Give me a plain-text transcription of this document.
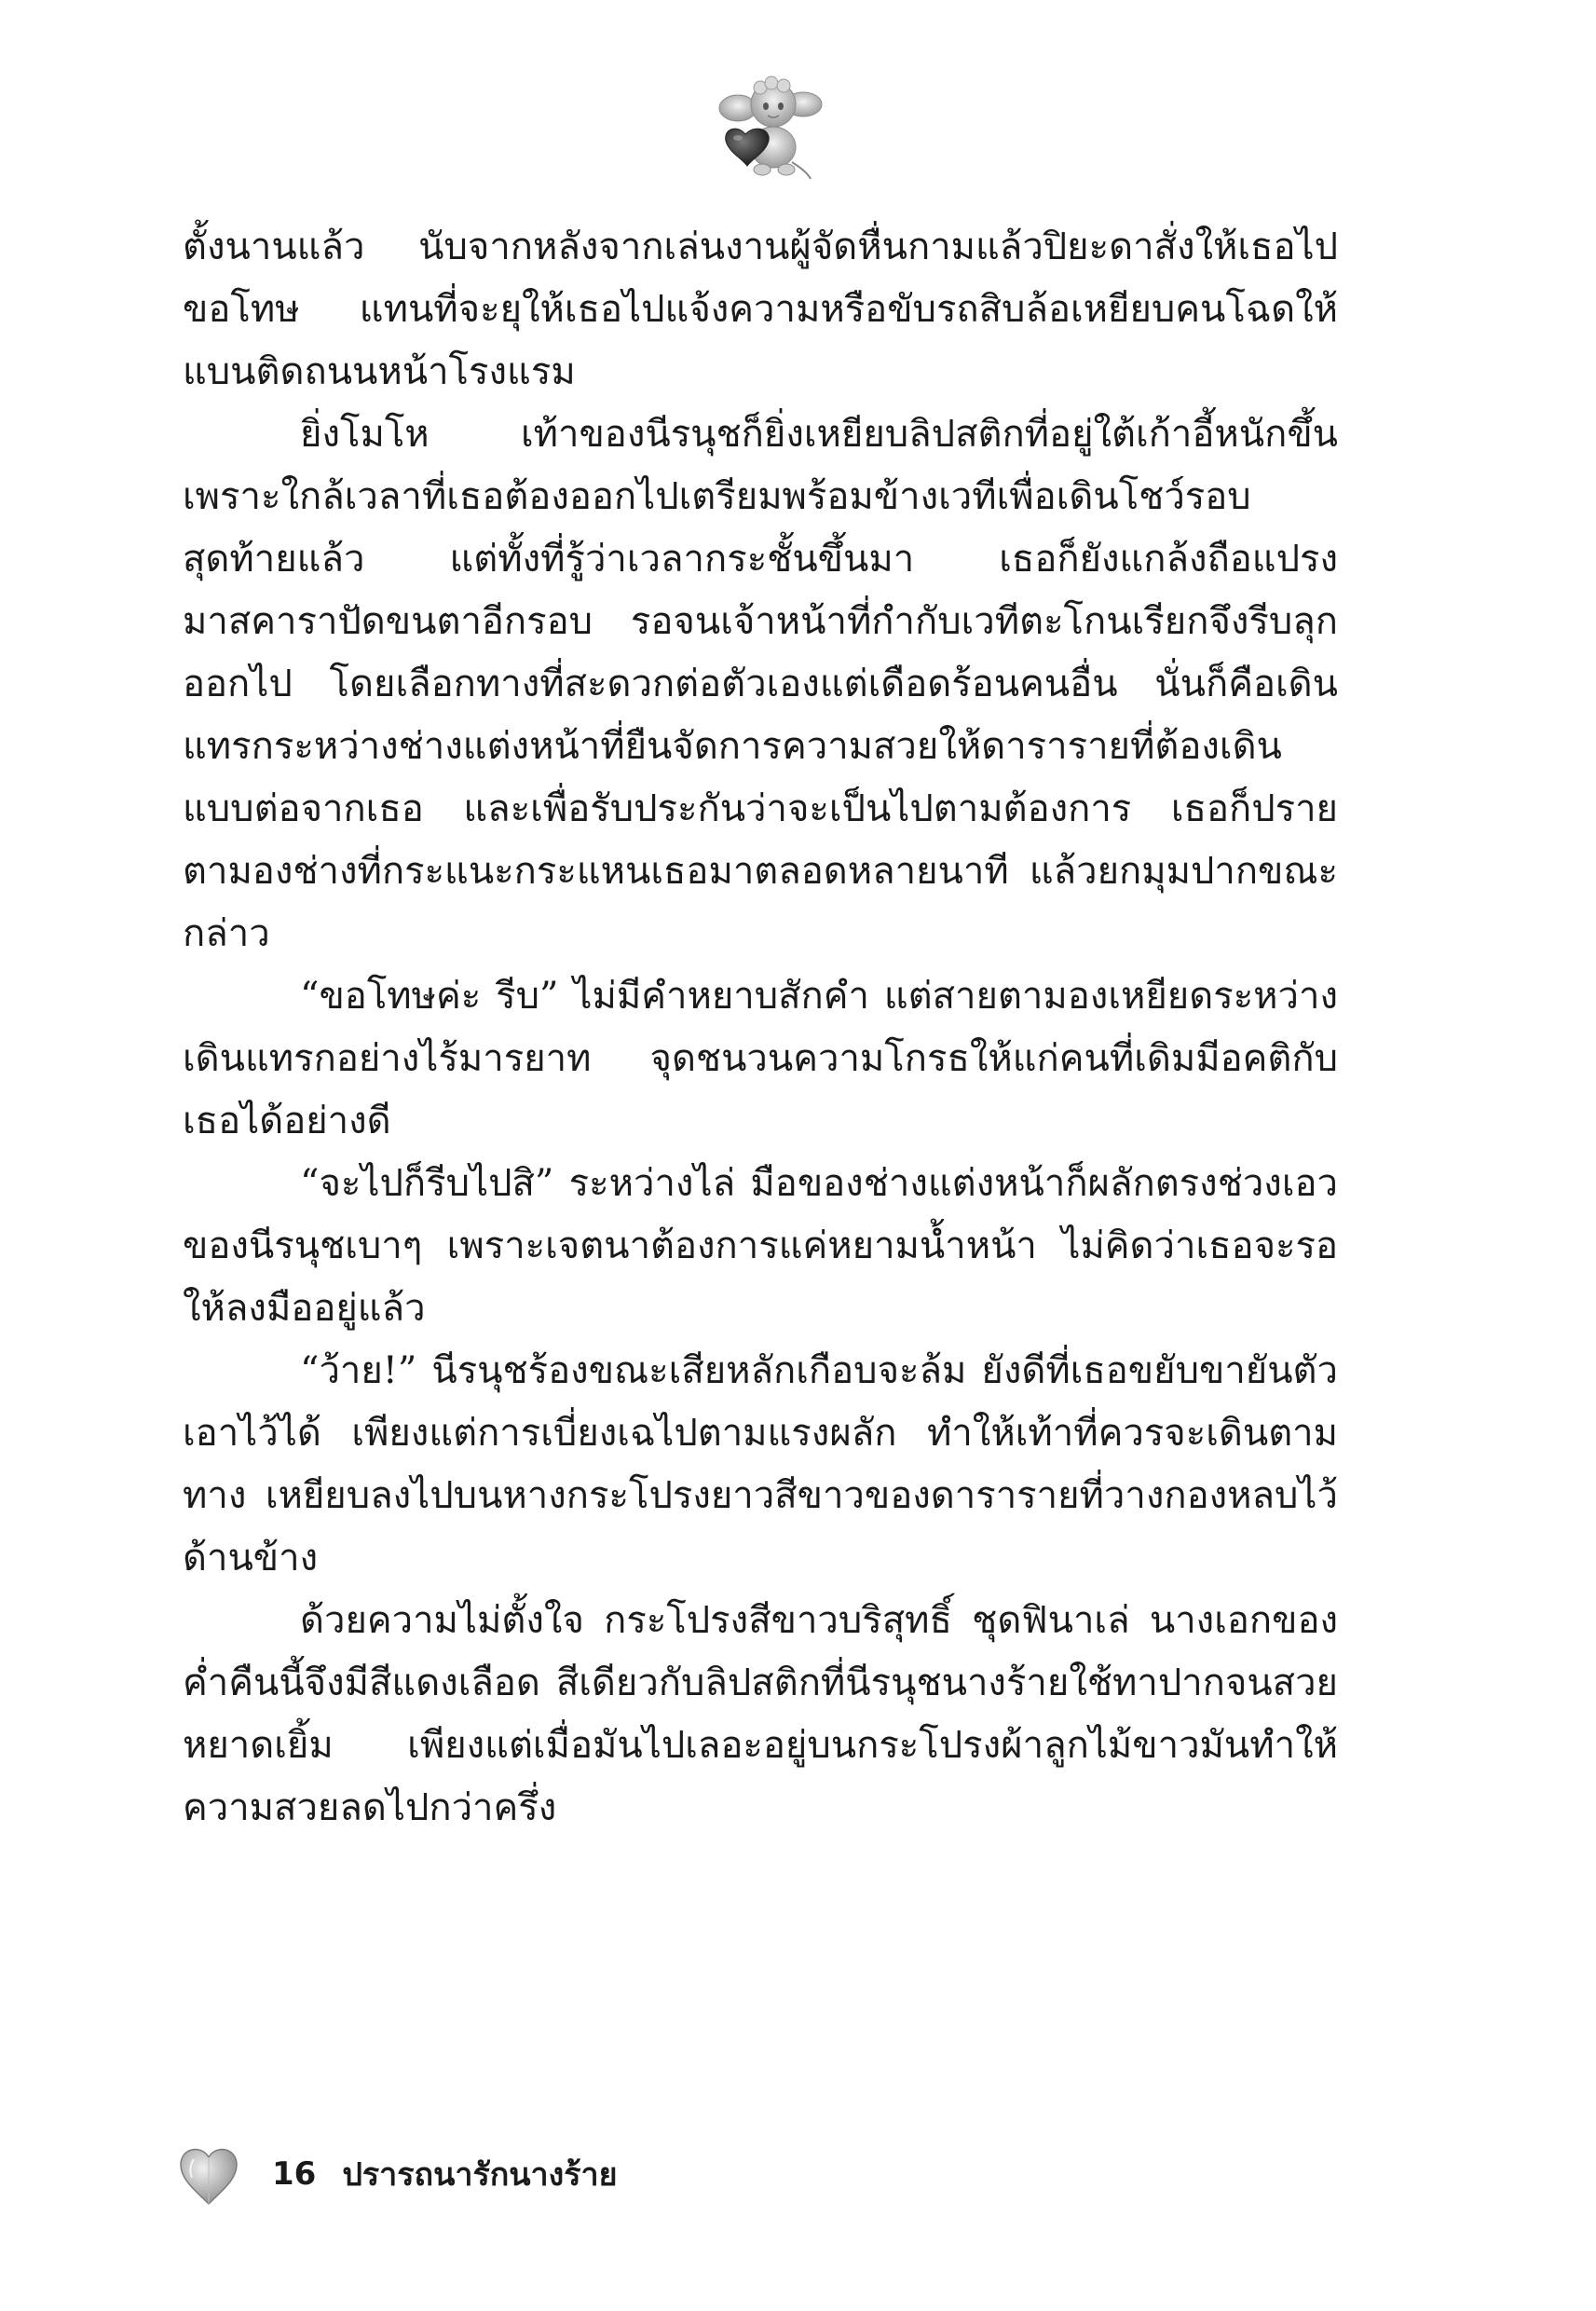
ตั้งนานแล้ว นับจากหลังจากเล่นงานผู้จัดหื่นกามแล้วปิยะดาสั่งให้เธอไปขอโทษ แทนที่จะยุให้เธอไปแจ้งความหรือขับรถสิบล้อเหยียบคนโฉดให้แบนติดถนนหน้าโรงแรม

ยิ่งโมโห เท้าของนีรนุชก็ยิ่งเหยียบลิปสติกที่อยู่ใต้เก้าอี้หนักขึ้น เพราะใกล้เวลาที่เธอต้องออกไปเตรียมพร้อมข้างเวทีเพื่อเดินโชว์รอบสุดท้ายแล้ว แต่ทั้งที่รู้ว่าเวลากระชั้นขึ้นมา เธอก็ยังแกล้งถือแปรงมาสคาราปัดขนตาอีกรอบ รอจนเจ้าหน้าที่กำกับเวทีตะโกนเรียกจึงรีบลุกออกไป โดยเลือกทางที่สะดวกต่อตัวเองแต่เดือดร้อนคนอื่น นั่นก็คือเดินแทรกระหว่างช่างแต่งหน้าที่ยืนจัดการความสวยให้ดารารายที่ต้องเดินแบบต่อจากเธอ และเพื่อรับประกันว่าจะเป็นไปตามต้องการ เธอก็ปรายตามองช่างที่กระแนะกระแหนเธอมาตลอดหลายนาที แล้วยกมุมปากขณะกล่าว

“ขอโทษค่ะ รีบ” ไม่มีคำหยาบสักคำ แต่สายตามองเหยียดระหว่างเดินแทรกอย่างไร้มารยาท จุดชนวนความโกรธให้แก่คนที่เดิมมีอคติกับเธอได้อย่างดี

“จะไปก็รีบไปสิ” ระหว่างไล่ มือของช่างแต่งหน้าก็ผลักตรงช่วงเอวของนีรนุชเบาๆ เพราะเจตนาต้องการแค่หยามน้ำหน้า ไม่คิดว่าเธอจะรอให้ลงมืออยู่แล้ว

“ว้าย!” นีรนุชร้องขณะเสียหลักเกือบจะล้ม ยังดีที่เธอขยับขายันตัวเอาไว้ได้ เพียงแต่การเบี่ยงเฉไปตามแรงผลัก ทำให้เท้าที่ควรจะเดินตามทาง เหยียบลงไปบนหางกระโปรงยาวสีขาวของดารารายที่วางกองหลบไว้ด้านข้าง

ด้วยความไม่ตั้งใจ กระโปรงสีขาวบริสุทธิ์ ชุดฟินาเล่ นางเอกของค่ำคืนนี้จึงมีสีแดงเลือด สีเดียวกับลิปสติกที่นีรนุชนางร้ายใช้ทาปากจนสวยหยาดเยิ้ม เพียงแต่เมื่อมันไปเลอะอยู่บนกระโปรงผ้าลูกไม้ขาวมันทำให้ความสวยลดไปกว่าครึ่ง

16 ปรารถนารักนางร้าย
